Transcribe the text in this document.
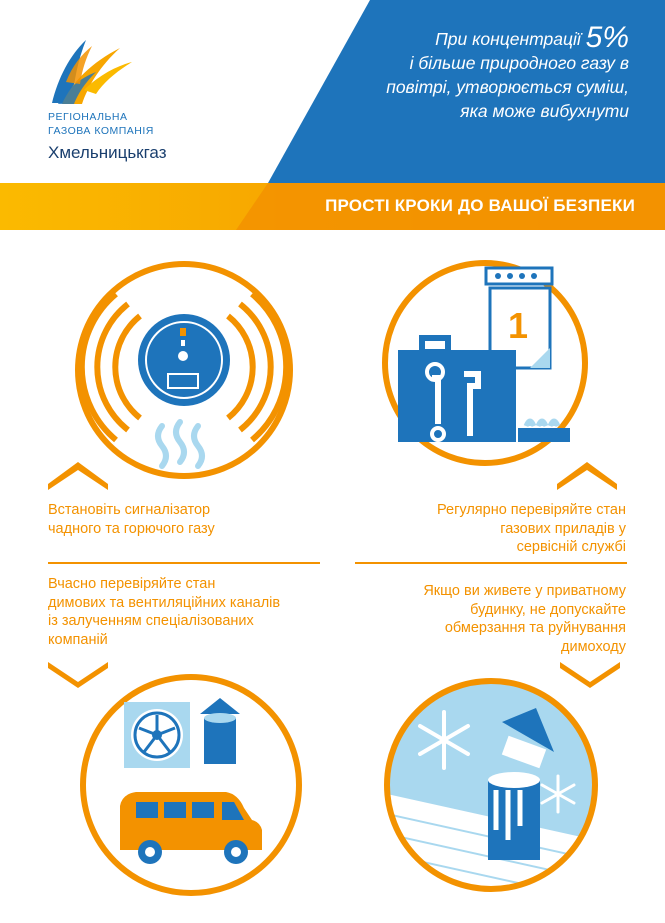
РЕГІОНАЛЬНА
ГАЗОВА КОМПАНІЯ
Хмельницькгаз
При концентрації 5%
і більше природного газу в
повітрі, утворюється суміш,
яка може вибухнути
ПРОСТІ КРОКИ ДО ВАШОЇ БЕЗПЕКИ
Встановіть сигналізатор
чадного та горючого газу
1
Регулярно перевіряйте стан
газових приладів у
сервісній службі
Вчасно перевіряйте стан
димових та вентиляційних каналів
із залученням спеціалізованих
компаній
Якщо ви живете у приватному
будинку, не допускайте
обмерзання та руйнування
димоходу
